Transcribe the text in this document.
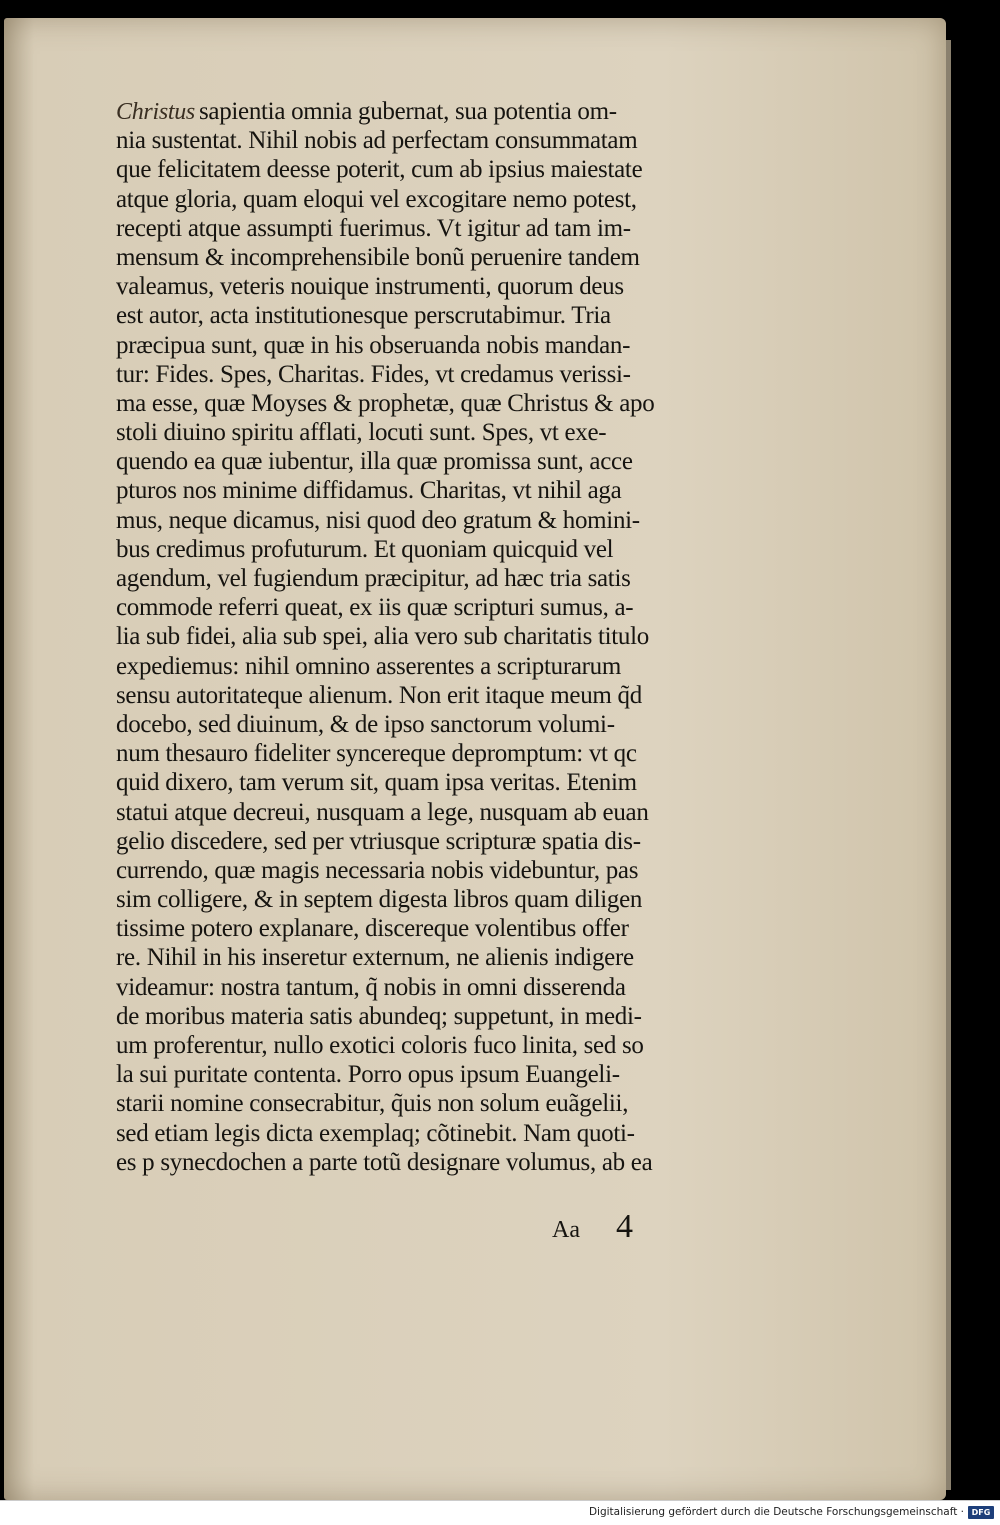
Christus sapientia omnia gubernat, sua potentia om-
nia sustentat. Nihil nobis ad perfectam consummatam
que felicitatem deesse poterit, cum ab ipsius maiestate
atque gloria, quam eloqui vel excogitare nemo potest,
recepti atque assumpti fuerimus. Vt igitur ad tam im-
mensum & incomprehensibile bonũ peruenire tandem
valeamus, veteris nouique instrumenti, quorum deus
est autor, acta institutionesque perscrutabimur. Tria
præcipua sunt, quæ in his obseruanda nobis mandan-
tur: Fides. Spes, Charitas. Fides, vt credamus verissi-
ma esse, quæ Moyses & prophetæ, quæ Christus & apo
stoli diuino spiritu afflati, locuti sunt. Spes, vt exe-
quendo ea quæ iubentur, illa quæ promissa sunt, acce
pturos nos minime diffidamus. Charitas, vt nihil aga
mus, neque dicamus, nisi quod deo gratum & homini-
bus credimus profuturum. Et quoniam quicquid vel
agendum, vel fugiendum præcipitur, ad hæc tria satis
commode referri queat, ex iis quæ scripturi sumus, a-
lia sub fidei, alia sub spei, alia vero sub charitatis titulo
expediemus: nihil omnino asserentes a scripturarum
sensu autoritateque alienum. Non erit itaque meum q̃d
docebo, sed diuinum, & de ipso sanctorum volumi-
num thesauro fideliter syncereque depromptum: vt qc
quid dixero, tam verum sit, quam ipsa veritas. Etenim
statui atque decreui, nusquam a lege, nusquam ab euan
gelio discedere, sed per vtriusque scripturæ spatia dis-
currendo, quæ magis necessaria nobis videbuntur, pas
sim colligere, & in septem digesta libros quam diligen
tissime potero explanare, discereque volentibus offer
re. Nihil in his inseretur externum, ne alienis indigere
videamur: nostra tantum, q̃ nobis in omni disserenda
de moribus materia satis abundeq; suppetunt, in medi-
um proferentur, nullo exotici coloris fuco linita, sed so
la sui puritate contenta. Porro opus ipsum Euangeli-
starii nomine consecrabitur, q̃uis non solum euãgelii,
sed etiam legis dicta exemplaq; cõtinebit. Nam quoti-
es p synecdochen a parte totũ designare volumus, ab ea
Aa 4
Digitalisierung gefördert durch die Deutsche Forschungsgemeinschaft · DFG
